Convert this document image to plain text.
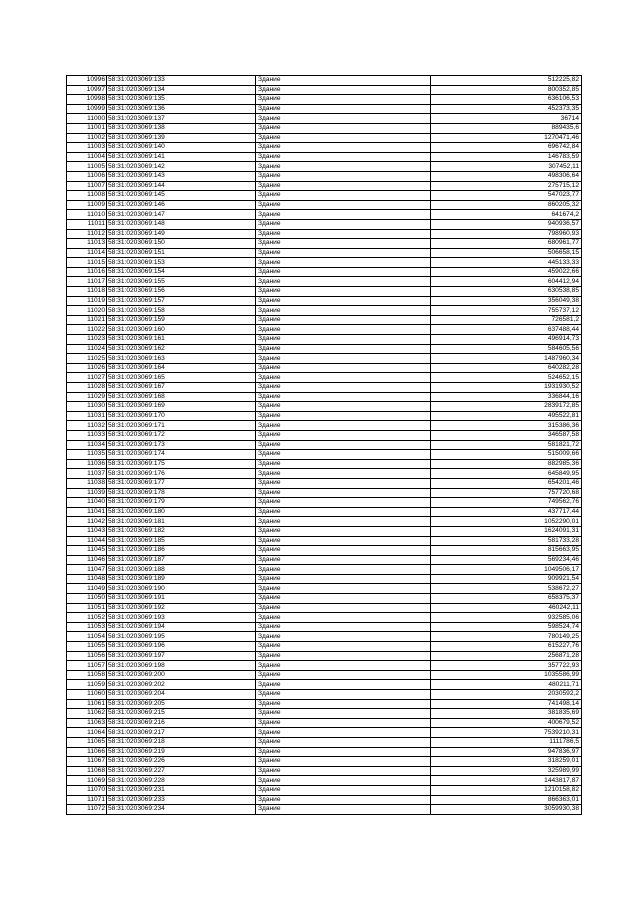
10996	58:31:0203069:133	Здание	512225,82
10997	58:31:0203069:134	Здание	800352,85
10998	58:31:0203069:135	Здание	636106,53
10999	58:31:0203069:136	Здание	452373,35
11000	58:31:0203069:137	Здание	36714
11001	58:31:0203069:138	Здание	889435,6
11002	58:31:0203069:139	Здание	1270471,46
11003	58:31:0203069:140	Здание	696742,84
11004	58:31:0203069:141	Здание	146783,59
11005	58:31:0203069:142	Здание	307452,11
11006	58:31:0203069:143	Здание	498306,64
11007	58:31:0203069:144	Здание	275715,12
11008	58:31:0203069:145	Здание	547023,77
11009	58:31:0203069:146	Здание	860205,32
11010	58:31:0203069:147	Здание	641674,2
11011	58:31:0203069:148	Здание	940936,57
11012	58:31:0203069:149	Здание	798960,93
11013	58:31:0203069:150	Здание	680961,77
11014	58:31:0203069:151	Здание	506658,15
11015	58:31:0203069:153	Здание	445133,33
11016	58:31:0203069:154	Здание	459022,66
11017	58:31:0203069:155	Здание	604412,94
11018	58:31:0203069:156	Здание	630538,85
11019	58:31:0203069:157	Здание	356049,38
11020	58:31:0203069:158	Здание	755737,12
11021	58:31:0203069:159	Здание	726581,2
11022	58:31:0203069:160	Здание	637488,44
11023	58:31:0203069:161	Здание	496914,73
11024	58:31:0203069:162	Здание	584605,56
11025	58:31:0203069:163	Здание	1487960,34
11026	58:31:0203069:164	Здание	640282,28
11027	58:31:0203069:165	Здание	524652,15
11028	58:31:0203069:167	Здание	1931930,52
11029	58:31:0203069:168	Здание	336844,16
11030	58:31:0203069:169	Здание	2839172,85
11031	58:31:0203069:170	Здание	495522,81
11032	58:31:0203069:171	Здание	315386,36
11033	58:31:0203069:172	Здание	346587,58
11034	58:31:0203069:173	Здание	581821,72
11035	58:31:0203069:174	Здание	515009,66
11036	58:31:0203069:175	Здание	882985,36
11037	58:31:0203069:176	Здание	645849,95
11038	58:31:0203069:177	Здание	654201,46
11039	58:31:0203069:178	Здание	757720,68
11040	58:31:0203069:179	Здание	749562,76
11041	58:31:0203069:180	Здание	437717,44
11042	58:31:0203069:181	Здание	1052290,01
11043	58:31:0203069:182	Здание	1624091,31
11044	58:31:0203069:185	Здание	581733,28
11045	58:31:0203069:186	Здание	815663,95
11046	58:31:0203069:187	Здание	569234,46
11047	58:31:0203069:188	Здание	1049506,17
11048	58:31:0203069:189	Здание	909921,54
11049	58:31:0203069:190	Здание	538672,27
11050	58:31:0203069:191	Здание	658375,37
11051	58:31:0203069:192	Здание	460242,11
11052	58:31:0203069:193	Здание	932585,06
11053	58:31:0203069:194	Здание	598524,74
11054	58:31:0203069:195	Здание	780149,25
11055	58:31:0203069:196	Здание	615227,76
11056	58:31:0203069:197	Здание	256871,28
11057	58:31:0203069:198	Здание	357722,93
11058	58:31:0203069:200	Здание	1035586,99
11059	58:31:0203069:202	Здание	480211,71
11060	58:31:0203069:204	Здание	2030592,2
11061	58:31:0203069:205	Здание	741498,14
11062	58:31:0203069:215	Здание	381835,69
11063	58:31:0203069:216	Здание	400679,52
11064	58:31:0203069:217	Здание	7539210,31
11065	58:31:0203069:218	Здание	1111786,5
11066	58:31:0203069:219	Здание	947836,97
11067	58:31:0203069:226	Здание	318259,01
11068	58:31:0203069:227	Здание	325989,99
11069	58:31:0203069:228	Здание	1443817,87
11070	58:31:0203069:231	Здание	1210158,82
11071	58:31:0203069:233	Здание	866363,01
11072	58:31:0203069:234	Здание	3059930,38
